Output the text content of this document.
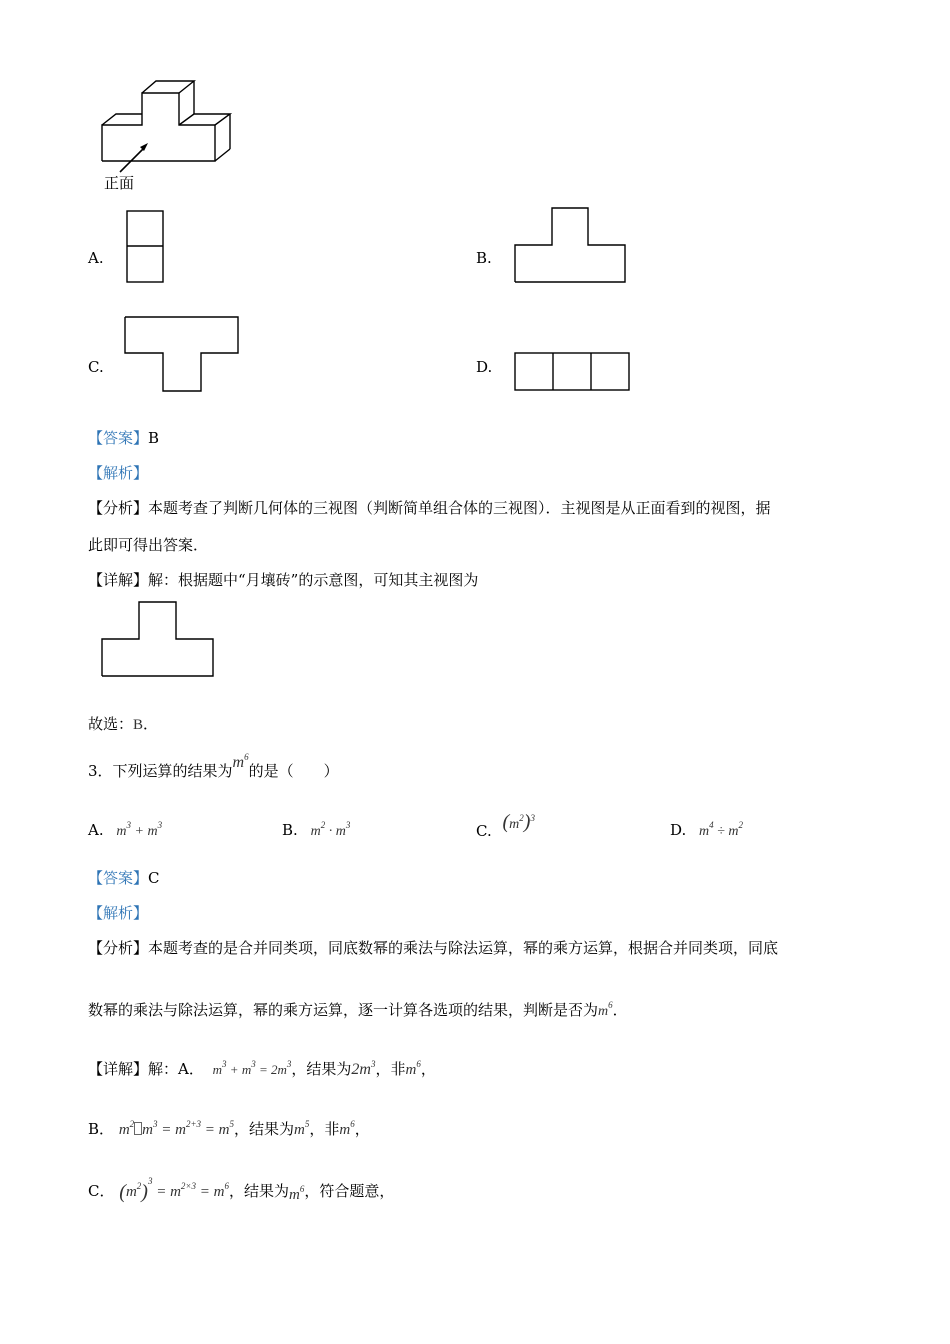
正面
A.	B.
C.	D.
【答案】B
【解析】
【分析】本题考查了判断几何体的三视图（判断简单组合体的三视图）．主视图是从正面看到的视图，据
此即可得出答案．
【详解】解：根据题中“月壤砖”的示意图，可知其主视图为
故选：B．
3．下列运算的结果为$m^6$的是（　　）
A. $m^3 + m^3$	B. $m^2 \cdot m^3$	C. $(m^2)^3$
D. $m^4 \div m^2$
【答案】C
【解析】
【分析】本题考查的是合并同类项，同底数幂的乘法与除法运算，幂的乘方运算，根据合并同类项，同底
数幂的乘法与除法运算，幂的乘方运算，逐一计算各选项的结果，判断是否为$m^6$．
【详解】解：A． $m^3 + m^3 = 2m^3$，结果为$2m^3$，非$m^6$，
B． $m^2$ $m^3 = m^{2+3} = m^5$，结果为$m^5$，非$m^6$，
C． $(m^2)^3 = m^{2\times 3} = m^6$，结果为$m^6$，符合题意，
